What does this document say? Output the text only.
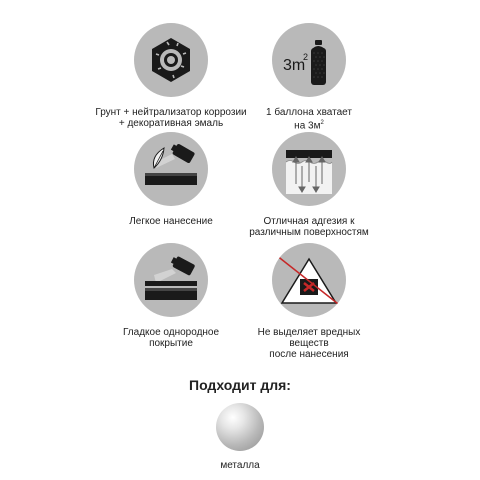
Грунт + нейтрализатор коррозии
+ декоративная эмаль
3m
2
1 баллона хватает
на $3м^2$
Легкое нанесение	Отличная адгезия к
различным поверхностям
Гладкое однородное
покрытие
Не выделяет вредных
веществ
после нанесения
Подходит для:
металла
